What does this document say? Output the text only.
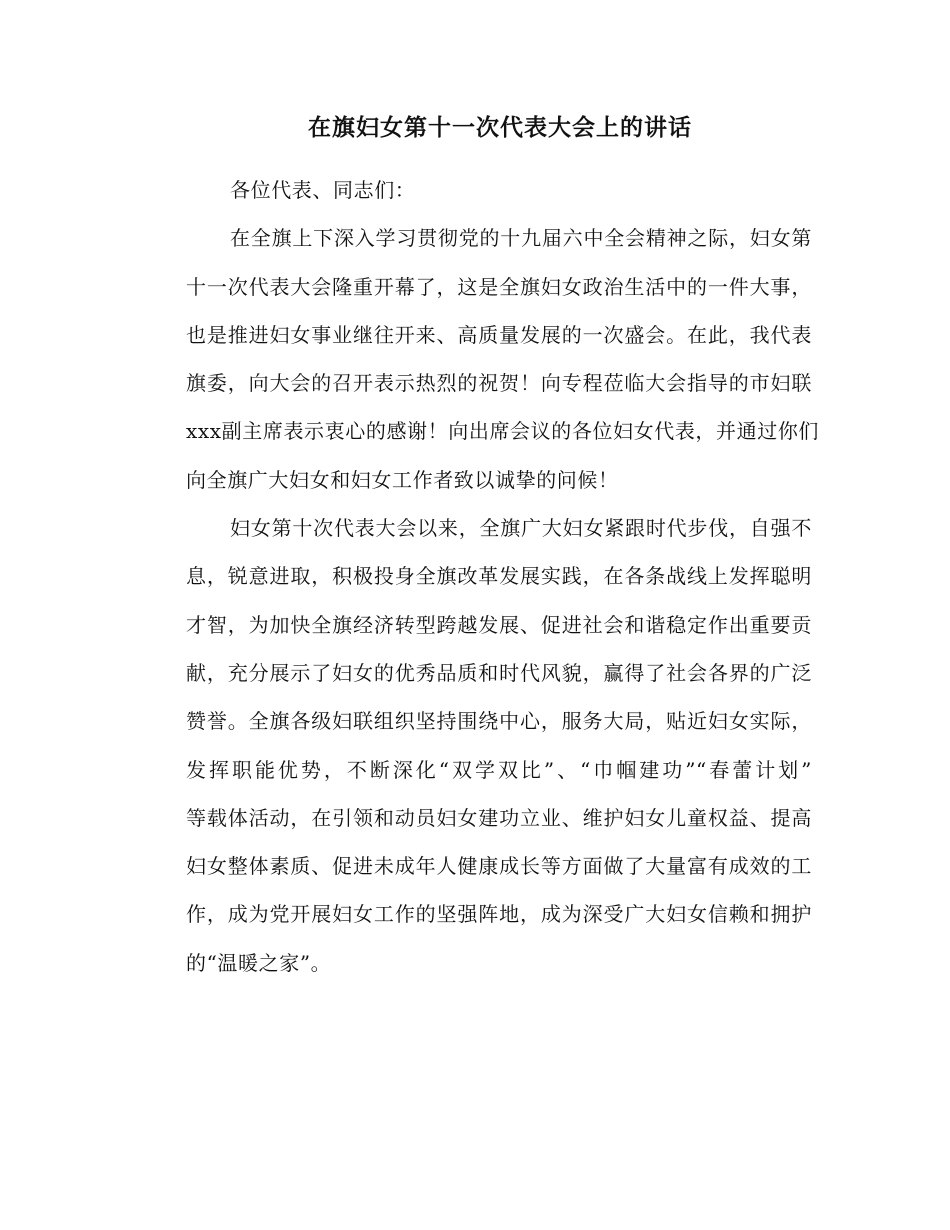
在旗妇女第十一次代表大会上的讲话
各位代表、同志们：
在全旗上下深入学习贯彻党的十九届六中全会精神之际，妇女第
十一次代表大会隆重开幕了，这是全旗妇女政治生活中的一件大事，
也是推进妇女事业继往开来、高质量发展的一次盛会。在此，我代表
旗委，向大会的召开表示热烈的祝贺！向专程莅临大会指导的市妇联
xxx副主席表示衷心的感谢！向出席会议的各位妇女代表，并通过你们
向全旗广大妇女和妇女工作者致以诚挚的问候！
妇女第十次代表大会以来，全旗广大妇女紧跟时代步伐，自强不
息，锐意进取，积极投身全旗改革发展实践，在各条战线上发挥聪明
才智，为加快全旗经济转型跨越发展、促进社会和谐稳定作出重要贡
献，充分展示了妇女的优秀品质和时代风貌，赢得了社会各界的广泛
赞誉。全旗各级妇联组织坚持围绕中心，服务大局，贴近妇女实际，
发挥职能优势，不断深化“双学双比”、“巾帼建功”“春蕾计划”
等载体活动，在引领和动员妇女建功立业、维护妇女儿童权益、提高
妇女整体素质、促进未成年人健康成长等方面做了大量富有成效的工
作，成为党开展妇女工作的坚强阵地，成为深受广大妇女信赖和拥护
的“温暖之家”。
